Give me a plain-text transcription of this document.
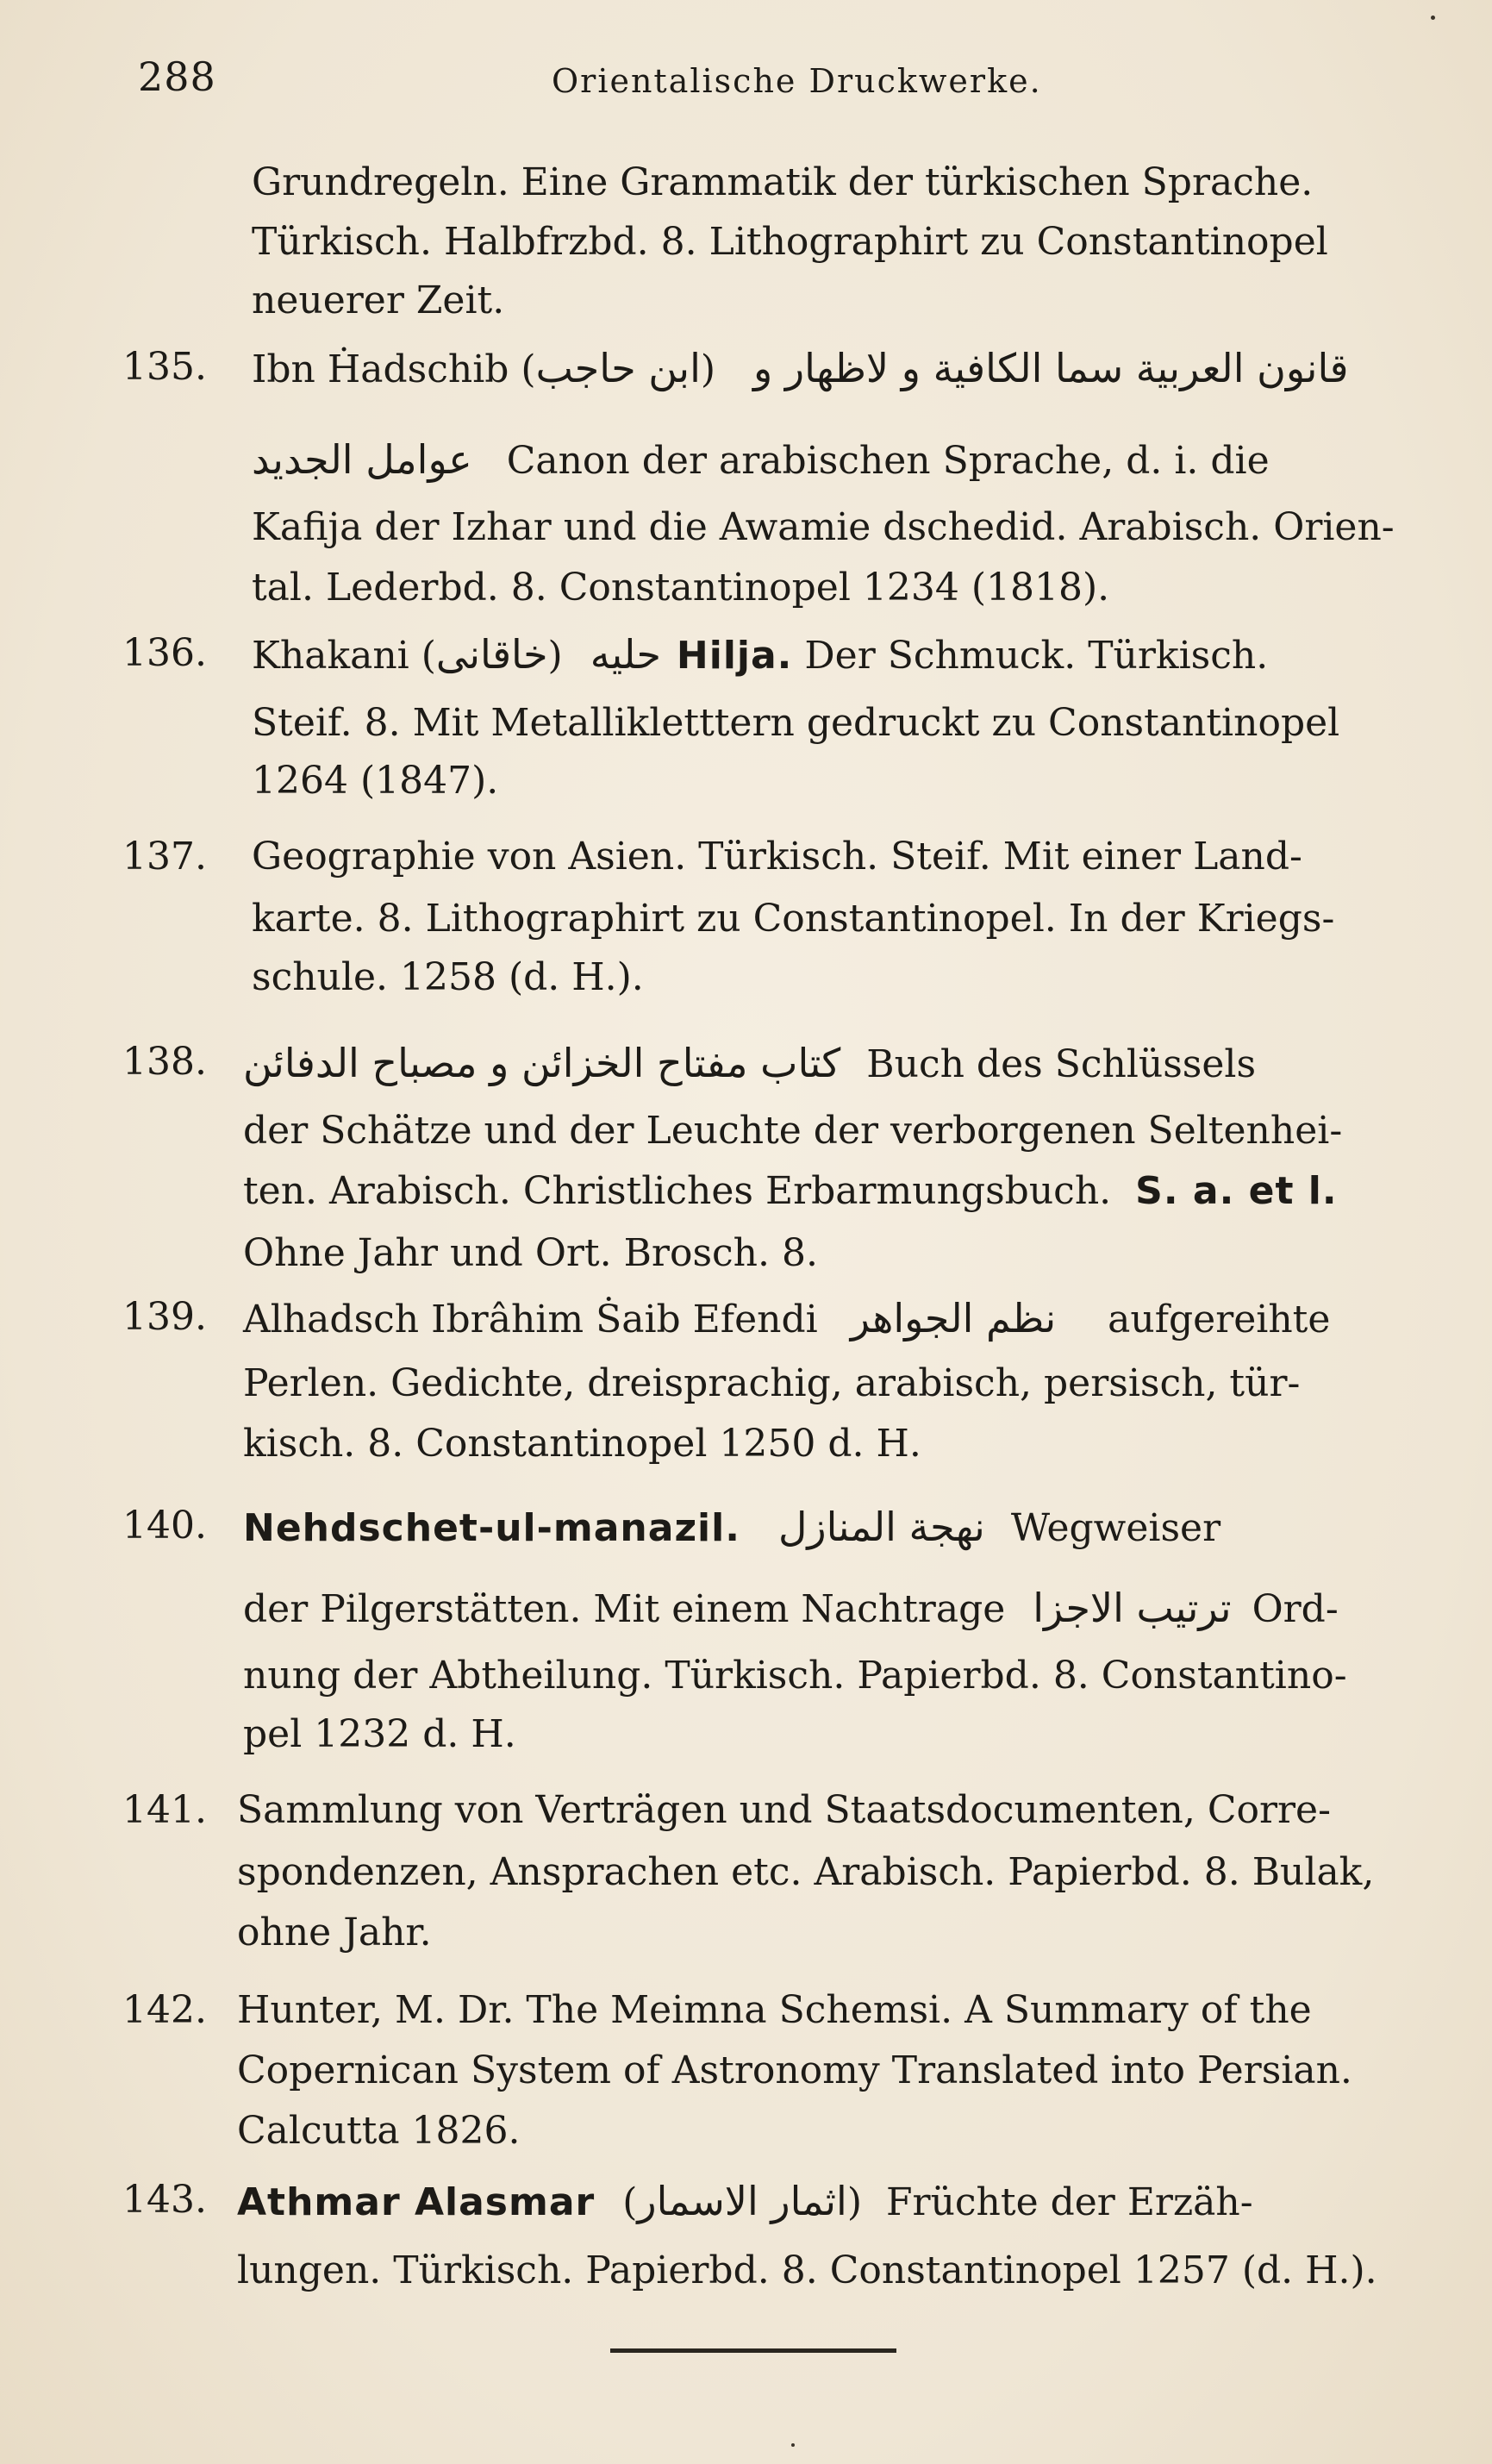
288	Orientalische Druckwerke.
Grundregeln. Eine Grammatik der türkischen Sprache.
Türkisch. Halbfrzbd. 8. Lithographirt zu Constantinopel
neuerer Zeit.
135. Ibn Ḣadschib (ابن حاجب) قانون العربية سما الكافية و لاظهار و
عوامل الجديد Canon der arabischen Sprache, d. i. die
Kafija der Izhar und die Awamie dschedid. Arabisch. Orien-
tal. Lederbd. 8. Constantinopel 1234 (1818).
136. Khakani (خاقانی) حلیه Hilja. Der Schmuck. Türkisch.
Steif. 8. Mit Metallikletttern gedruckt zu Constantinopel
1264 (1847).
137. Geographie von Asien. Türkisch. Steif. Mit einer Land-
karte. 8. Lithographirt zu Constantinopel. In der Kriegs-
schule. 1258 (d. H.).
138. كتاب مفتاح الخزائن و مصباح الدفائن Buch des Schlüssels
der Schätze und der Leuchte der verborgenen Seltenhei-
ten. Arabisch. Christliches Erbarmungsbuch. S. a. et l.
Ohne Jahr und Ort. Brosch. 8.
139. Alhadsch Ibrâhim Ṡaib Efendi نظم الجواهر aufgereihte
Perlen. Gedichte, dreisprachig, arabisch, persisch, tür-
kisch. 8. Constantinopel 1250 d. H.
140. Nehdschet-ul-manazil. نهجة المنازل Wegweiser
der Pilgerstätten. Mit einem Nachtrage ترتيب الاجزا Ord-
nung der Abtheilung. Türkisch. Papierbd. 8. Constantino-
pel 1232 d. H.
141. Sammlung von Verträgen und Staatsdocumenten, Corre-
spondenzen, Ansprachen etc. Arabisch. Papierbd. 8. Bulak,
ohne Jahr.
142. Hunter, M. Dr. The Meimna Schemsi. A Summary of the
Copernican System of Astronomy Translated into Persian.
Calcutta 1826.
143. Athmar Alasmar (اثمار الاسمار) Früchte der Erzäh-
lungen. Türkisch. Papierbd. 8. Constantinopel 1257 (d. H.).
